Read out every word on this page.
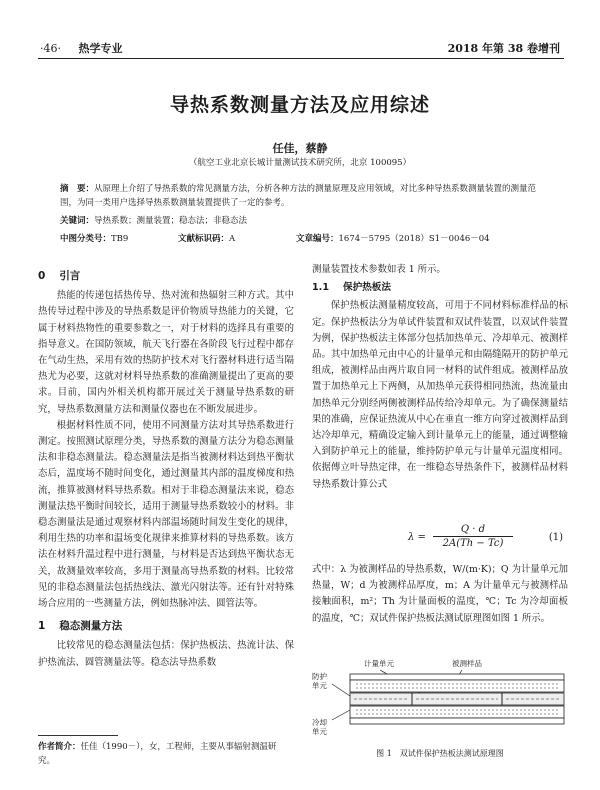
·46· 热学专业	2018 年第 38 卷增刊
导热系数测量方法及应用综述
任佳，蔡静
（航空工业北京长城计量测试技术研究所，北京 100095）
摘　要：从原理上介绍了导热系数的常见测量方法，分析各种方法的测量原理及应用领域，对比多种导热系数测量装置的测量范围，为同一类用户选择导热系数测量装置提供了一定的参考。
关键词：导热系数；测量装置；稳态法；非稳态法
中图分类号：TB9	文献标识码：A	文章编号：1674－5795（2018）S1－0046－04
0 引言

热能的传递包括热传导、热对流和热辐射三种方式。其中热传导过程中涉及的导热系数是评价物质导热能力的关键，它属于材料热物性的重要参数之一，对于材料的选择具有重要的指导意义。在国防领域，航天飞行器在各阶段飞行过程中都存在气动生热，采用有效的热防护技术对飞行器材料进行适当隔热尤为必要，这就对材料导热系数的准确测量提出了更高的要求。目前，国内外相关机构都开展过关于测量导热系数的研究，导热系数测量方法和测量仪器也在不断发展进步。

根据材料性质不同，使用不同测量方法对其导热系数进行测定。按照测试原理分类，导热系数的测量方法分为稳态测量法和非稳态测量法。稳态测量法是指当被测材料达到热平衡状态后，温度场不随时间变化，通过测量其内部的温度梯度和热流，推算被测材料导热系数。相对于非稳态测量法来说，稳态测量法热平衡时间较长，适用于测量导热系数较小的材料。非稳态测量法是通过观察材料内部温场随时间发生变化的规律，利用生热的功率和温场变化规律来推算材料的导热系数。该方法在材料升温过程中进行测量，与材料是否达到热平衡状态无关，故测量效率较高，多用于测量高导热系数的材料。比较常见的非稳态测量法包括热线法、激光闪射法等。还有针对特殊场合应用的一些测量方法，例如热脉冲法、圆管法等。

1 稳态测量方法

比较常见的稳态测量法包括：保护热板法、热流计法、保护热流法、圆管测量法等。稳态法导热系数

测量装置技术参数如表 1 所示。

1.1 保护热板法

保护热板法测量精度较高，可用于不同材料标准样品的标定。保护热板法分为单试件装置和双试件装置，以双试件装置为例，保护热板法主体部分包括加热单元、冷却单元、被测样品。其中加热单元由中心的计量单元和由隔缝隔开的防护单元组成，被测样品由两片取自同一材料的试件组成。被测样品放置于加热单元上下两侧，从加热单元获得相同热流，热流量由加热单元分别经两侧被测样品传给冷却单元。为了确保测量结果的准确，应保证热流从中心在垂直一维方向穿过被测样品到达冷却单元，精确设定输入到计量单元上的能量，通过调整输入到防护单元上的能量，维持防护单元与计量单元温度相同。依据傅立叶导热定律，在一维稳态导热条件下，被测样品材料导热系数计算公式

$\lambda = \frac{Q \cdot d}{2A(Th - Tc)}$	(1)

式中：λ 为被测样品的导热系数，W/(m·K)；Q 为计量单元加热量，W；d 为被测样品厚度，m；A 为计量单元与被测样品接触面积，m²；Th 为计量面板的温度，℃；Tc 为冷却面板的温度，℃；双试件保护热板法测试原理图如图 1 所示。

计量单元	被测样品
防护单元
冷却单元
图 1　双试件保护热板法测试原理图
作者简介：任佳（1990－），女，工程师，主要从事辐射测温研究。
